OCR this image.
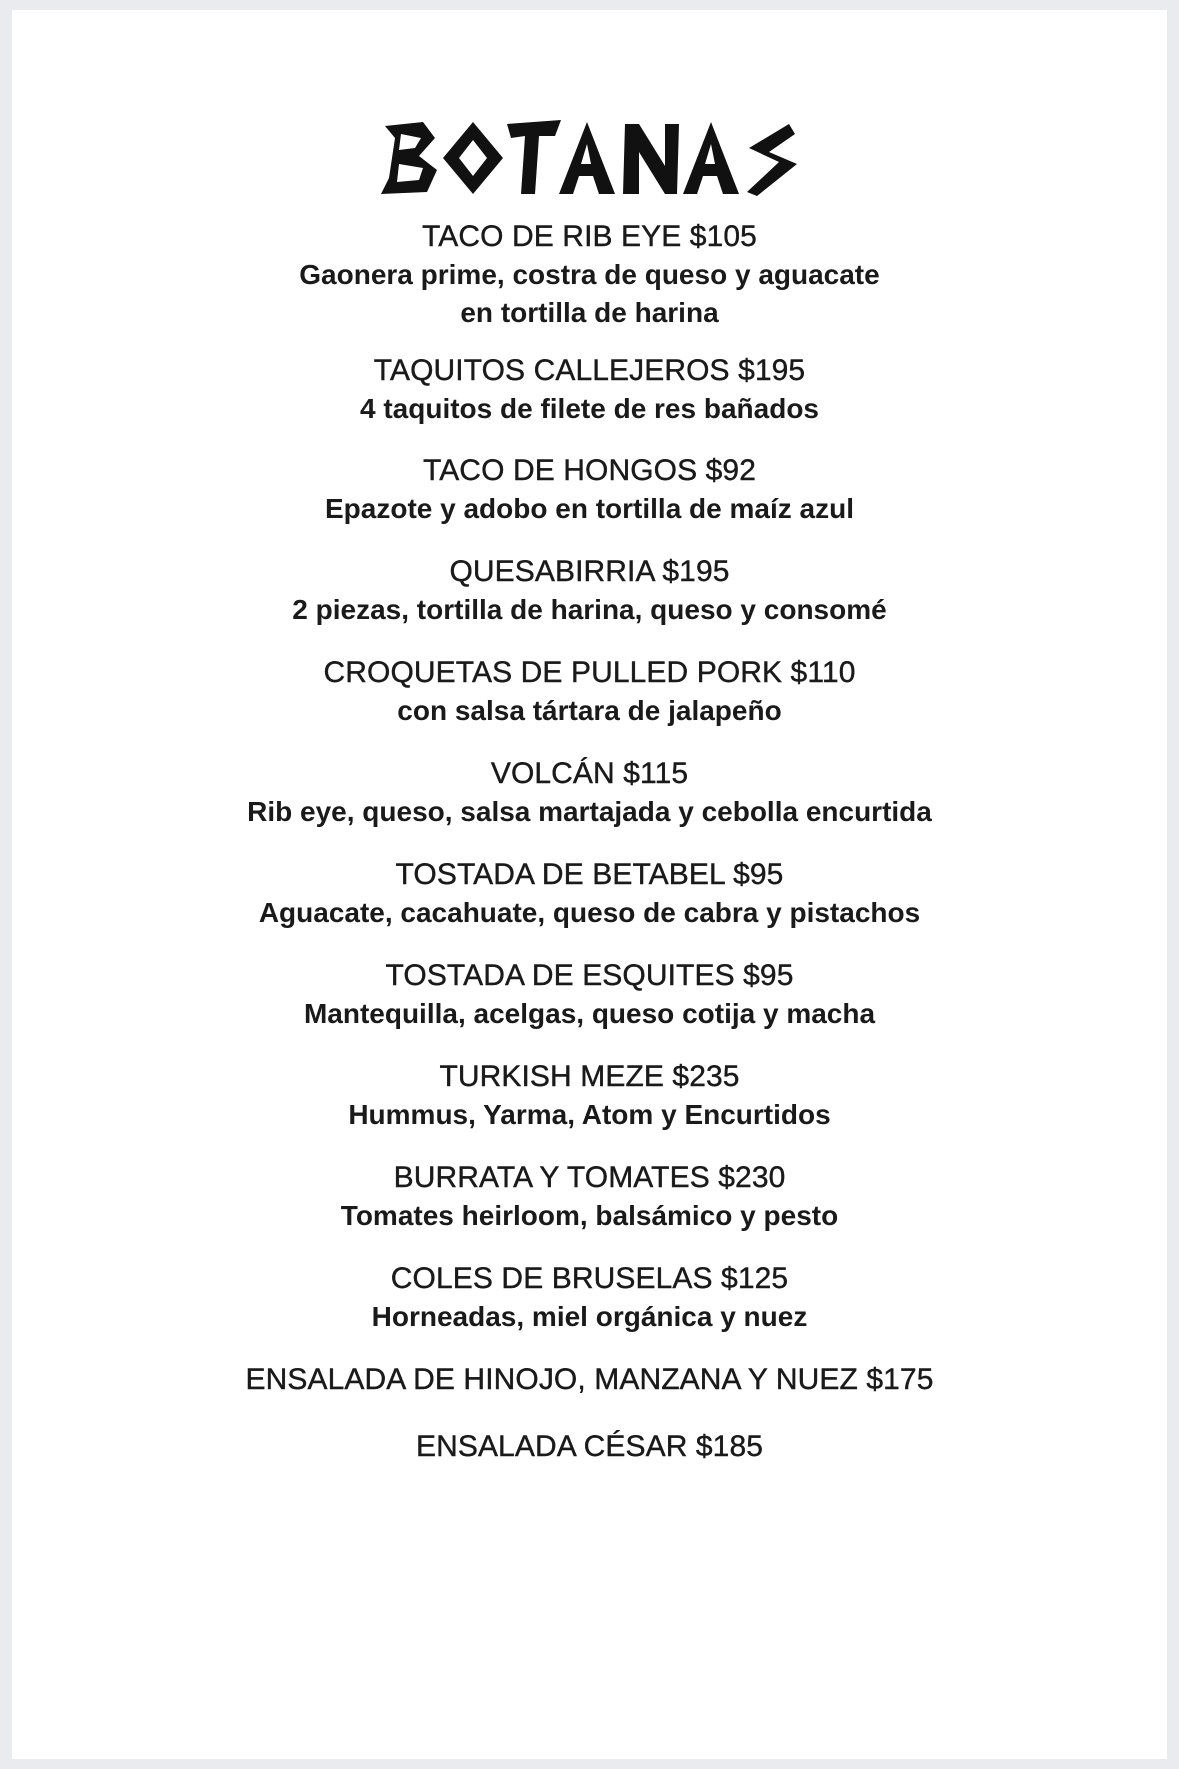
TACO DE RIB EYE $105
Gaonera prime, costra de queso y aguacate
en tortilla de harina
TAQUITOS CALLEJEROS $195
4 taquitos de filete de res bañados
TACO DE HONGOS $92
Epazote y adobo en tortilla de maíz azul
QUESABIRRIA $195
2 piezas, tortilla de harina, queso y consomé
CROQUETAS DE PULLED PORK $110
con salsa tártara de jalapeño
VOLCÁN $115
Rib eye, queso, salsa martajada y cebolla encurtida
TOSTADA DE BETABEL $95
Aguacate, cacahuate, queso de cabra y pistachos
TOSTADA DE ESQUITES $95
Mantequilla, acelgas, queso cotija y macha
TURKISH MEZE $235
Hummus, Yarma, Atom y Encurtidos
BURRATA Y TOMATES $230
Tomates heirloom, balsámico y pesto
COLES DE BRUSELAS $125
Horneadas, miel orgánica y nuez
ENSALADA DE HINOJO, MANZANA Y NUEZ $175
ENSALADA CÉSAR $185
